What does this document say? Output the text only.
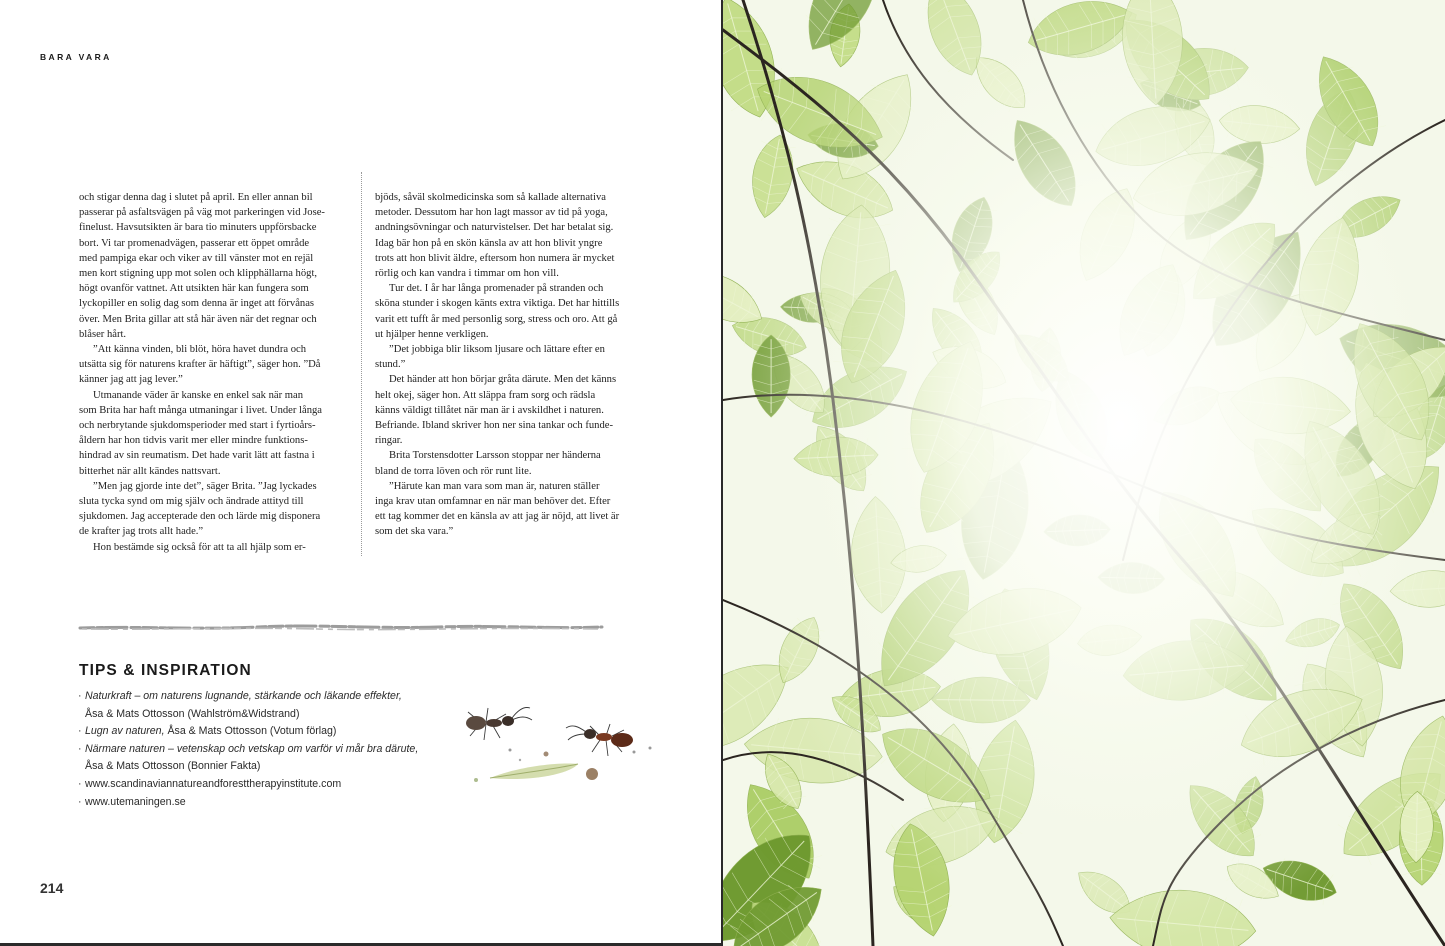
BARA VARA

och stigar denna dag i slutet på april. En eller annan bil
passerar på asfaltsvägen på väg mot parkeringen vid Jose-
finelust. Havsutsikten är bara tio minuters uppförsbacke
bort. Vi tar promenadvägen, passerar ett öppet område
med pampiga ekar och viker av till vänster mot en rejäl
men kort stigning upp mot solen och klipphällarna högt,
högt ovanför vattnet. Att utsikten här kan fungera som
lyckopiller en solig dag som denna är inget att förvånas
över. Men Brita gillar att stå här även när det regnar och
blåser hårt.

”Att känna vinden, bli blöt, höra havet dundra och
utsätta sig för naturens krafter är häftigt”, säger hon. ”Då
känner jag att jag lever.”

Utmanande väder är kanske en enkel sak när man
som Brita har haft många utmaningar i livet. Under långa
och nerbrytande sjukdomsperioder med start i fyrtioårs-
åldern har hon tidvis varit mer eller mindre funktions-
hindrad av sin reumatism. Det hade varit lätt att fastna i
bitterhet när allt kändes nattsvart.

”Men jag gjorde inte det”, säger Brita. ”Jag lyckades
sluta tycka synd om mig själv och ändrade attityd till
sjukdomen. Jag accepterade den och lärde mig disponera
de krafter jag trots allt hade.”

Hon bestämde sig också för att ta all hjälp som er-

bjöds, såväl skolmedicinska som så kallade alternativa
metoder. Dessutom har hon lagt massor av tid på yoga,
andningsövningar och naturvistelser. Det har betalat sig.
Idag bär hon på en skön känsla av att hon blivit yngre
trots att hon blivit äldre, eftersom hon numera är mycket
rörlig och kan vandra i timmar om hon vill.

Tur det. I år har långa promenader på stranden och
sköna stunder i skogen känts extra viktiga. Det har hittills
varit ett tufft år med personlig sorg, stress och oro. Att gå
ut hjälper henne verkligen.

”Det jobbiga blir liksom ljusare och lättare efter en
stund.”

Det händer att hon börjar gråta därute. Men det känns
helt okej, säger hon. Att släppa fram sorg och rädsla
känns väldigt tillåtet när man är i avskildhet i naturen.
Befriande. Ibland skriver hon ner sina tankar och funde-
ringar.

Brita Torstensdotter Larsson stoppar ner händerna
bland de torra löven och rör runt lite.

”Härute kan man vara som man är, naturen ställer
inga krav utan omfamnar en när man behöver det. Efter
ett tag kommer det en känsla av att jag är nöjd, att livet är
som det ska vara.”

TIPS & INSPIRATION
· Naturkraft – om naturens lugnande, stärkande och läkande effekter,
Åsa & Mats Ottosson (Wahlström&Widstrand)
· Lugn av naturen, Åsa & Mats Ottosson (Votum förlag)
· Närmare naturen – vetenskap och vetskap om varför vi mår bra därute,
Åsa & Mats Ottosson (Bonnier Fakta)
· www.scandinaviannatureandforesttherapyinstitute.com
· www.utemaningen.se
214
